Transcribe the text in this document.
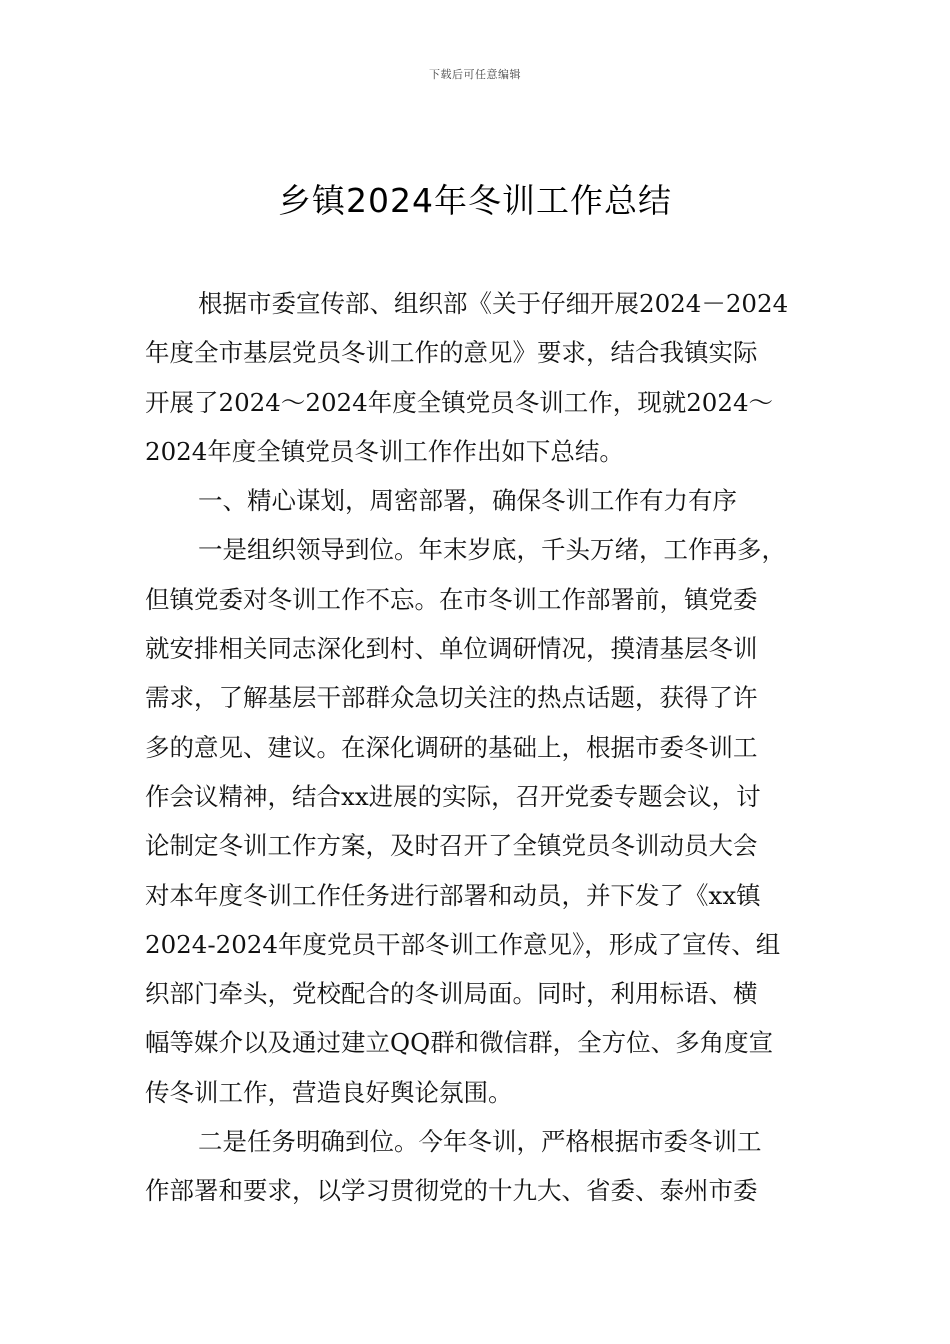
下载后可任意编辑
乡镇2024年冬训工作总结

根据市委宣传部、组织部《关于仔细开展2024－2024
年度全市基层党员冬训工作的意见》要求，结合我镇实际
开展了2024～2024年度全镇党员冬训工作，现就2024～
2024年度全镇党员冬训工作作出如下总结。

一、精心谋划，周密部署，确保冬训工作有力有序

一是组织领导到位。年末岁底，千头万绪，工作再多，
但镇党委对冬训工作不忘。在市冬训工作部署前，镇党委
就安排相关同志深化到村、单位调研情况，摸清基层冬训
需求，了解基层干部群众急切关注的热点话题，获得了许
多的意见、建议。在深化调研的基础上，根据市委冬训工
作会议精神，结合xx进展的实际，召开党委专题会议，讨
论制定冬训工作方案，及时召开了全镇党员冬训动员大会
对本年度冬训工作任务进行部署和动员，并下发了《xx镇
2024-2024年度党员干部冬训工作意见》，形成了宣传、组
织部门牵头，党校配合的冬训局面。同时，利用标语、横
幅等媒介以及通过建立QQ群和微信群，全方位、多角度宣
传冬训工作，营造良好舆论氛围。

二是任务明确到位。今年冬训，严格根据市委冬训工
作部署和要求，以学习贯彻党的十九大、省委、泰州市委
